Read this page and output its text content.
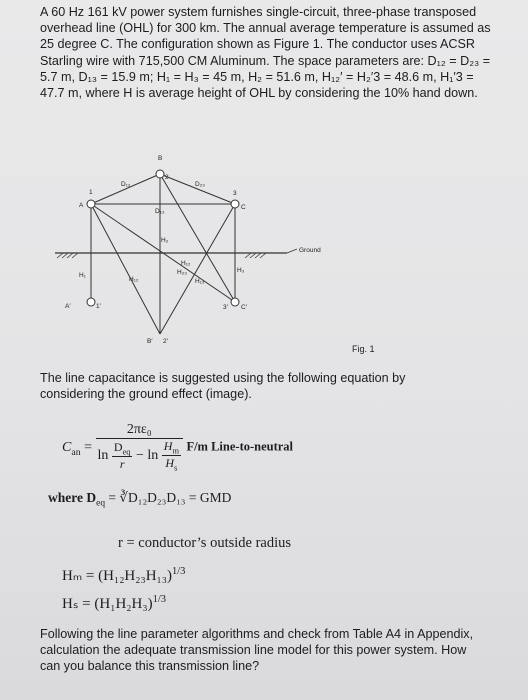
A 60 Hz 161 kV power system furnishes single-circuit, three-phase transposed overhead line (OHL) for 300 km. The annual average temperature is assumed as 25 degree C. The configuration shown as Figure 1. The conductor uses ACSR Starling wire with 715,500 CM Aluminum. The space parameters are: D₁₂ = D₂₃ = 5.7 m, D₁₃ = 15.9 m; H₁ = H₃ = 45 m, H₂ = 51.6 m, H₁₂′ = H₂′3 = 48.6 m, H₁′3 = 47.7 m, where H is average height of OHL by considering the 10% hand down.

A
1
B
2
C
3
A′	1′
B′ 2′
3′ C′
D₁₂	D₂₃
D₁₃
H₂
H₁₂
H₁₃
H₁
H₃
H₁₂
H₂₃
Ground
Fig. 1

The line capacitance is suggested using the following equation by considering the ground effect (image).

$C_{an}$ =
2πε₀
$\ln \frac{D_{eq}}{r} - \ln \frac{H_m}{H_s} F/m$ Line-to-neutral
where $D_{eq}$ = ∛D₁₂D₂₃D₁₃ = GMD
r = conductor’s outside radius
$H_m = (H_{12}H_{23}H_{13})^{1/3}$
$H_s = (H_1H_2H_3)^{1/3}$

Following the line parameter algorithms and check from Table A4 in Appendix, calculation the adequate transmission line model for this power system. How can you balance this transmission line?
